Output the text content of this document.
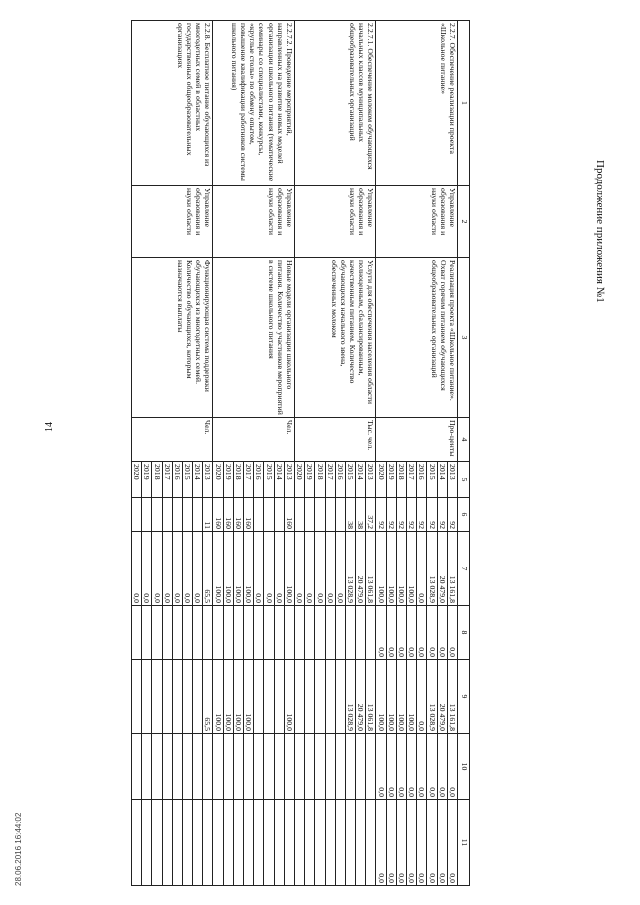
14
Продолжение приложения №1
28.06.2016 16:44:02
1	2	3	4	5	6	7	8	9	10	11
2.2.7. Обеспечение реализации проекта «Школьное питание»	Управление образования и науки области	Реализация проекта «Школьное питание». Охват горячим питанием обучающихся общеобразовательных организаций	Про-центы	2013	92	13 161,8	0,0	13 161,8	0,0	0,0
				2014	92	20 479,0	0,0	20 479,0	0,0	0,0
				2015	92	13 028,9	0,0	13 028,9	0,0	0,0
				2016	92	0,0	0,0	0,0	0,0	0,0
				2017	92	100,0	0,0	100,0	0,0	0,0
				2018	92	100,0	0,0	100,0	0,0	0,0
				2019	92	100,0	0,0	100,0	0,0	0,0
				2020	92	100,0	0,0	100,0	0,0	0,0
2.2.7.1. Обеспечение молоком обучающихся начальных классов муниципальных общеобразовательных организаций	Управление образования и науки области	Услуги для обеспечения населения области полноценным, сбалансированным, качественным питанием. Количество обучающихся начального звена, обеспеченных молоком	Тыс. чел.	2013	37,2	13 061,8		13 061,8		
				2014	38	20 479,0		20 479,0		
				2015	38	13 028,9		13 028,9		
				2016		0,0				
				2017		0,0				
				2018		0,0				
				2019		0,0				
				2020		0,0				
2.2.7.2. Проведение мероприятий, направленных на развитие новых моделей организации школьного питания (тематические семинары со специалистами, конкурсы, «круглые столы» по обмену опытом, повышение квалификации работников системы школьного питания)	Управление образования и науки области	Новые модели организации школьного питания. Количество участников мероприятий в системе школьного питания	Чел.	2013	160	100,0		100,0		
				2014		0,0				
				2015		0,0				
				2016		0,0				
				2017	160	100,0		100,0		
				2018	160	100,0		100,0		
				2019	160	100,0		100,0		
				2020	160	100,0		100,0		
2.2.8. Бесплатное питание обучающихся из многодетных семей в областных государственных общеобразовательных организациях	Управление образования и науки области	Функционирующая система поддержки обучающихся из многодетных семей. Количество обучающихся, которым назначаются выплаты	Чел.	2013	11	65,5		65,5		
				2014		0,0				
				2015		0,0				
				2016		0,0				
				2017		0,0				
				2018		0,0				
				2019		0,0				
				2020		0,0				
